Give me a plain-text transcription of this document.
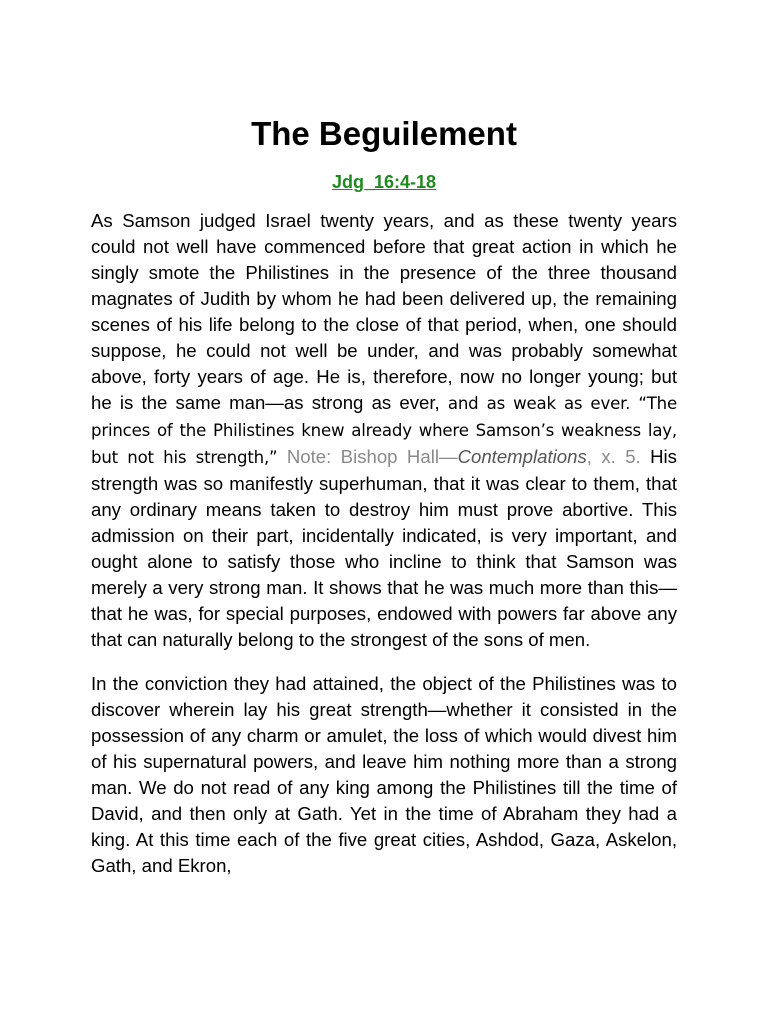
The Beguilement
Jdg_16:4-18

As Samson judged Israel twenty years, and as these twenty years could not well have commenced before that great action in which he singly smote the Philistines in the presence of the three thousand magnates of Judith by whom he had been delivered up, the remaining scenes of his life belong to the close of that period, when, one should suppose, he could not well be under, and was probably somewhat above, forty years of age. He is, therefore, now no longer young; but he is the same man—as strong as ever, and as weak as ever. “The princes of the Philistines knew already where Samson’s weakness lay, but not his strength,” Note: Bishop Hall—Contemplations, x. 5. His strength was so manifestly superhuman, that it was clear to them, that any ordinary means taken to destroy him must prove abortive. This admission on their part, incidentally indicated, is very important, and ought alone to satisfy those who incline to think that Samson was merely a very strong man. It shows that he was much more than this—that he was, for special purposes, endowed with powers far above any that can naturally belong to the strongest of the sons of men.

In the conviction they had attained, the object of the Philistines was to discover wherein lay his great strength—whether it consisted in the possession of any charm or amulet, the loss of which would divest him of his supernatural powers, and leave him nothing more than a strong man. We do not read of any king among the Philistines till the time of David, and then only at Gath. Yet in the time of Abraham they had a king. At this time each of the five great cities, Ashdod, Gaza, Askelon, Gath, and Ekron,
